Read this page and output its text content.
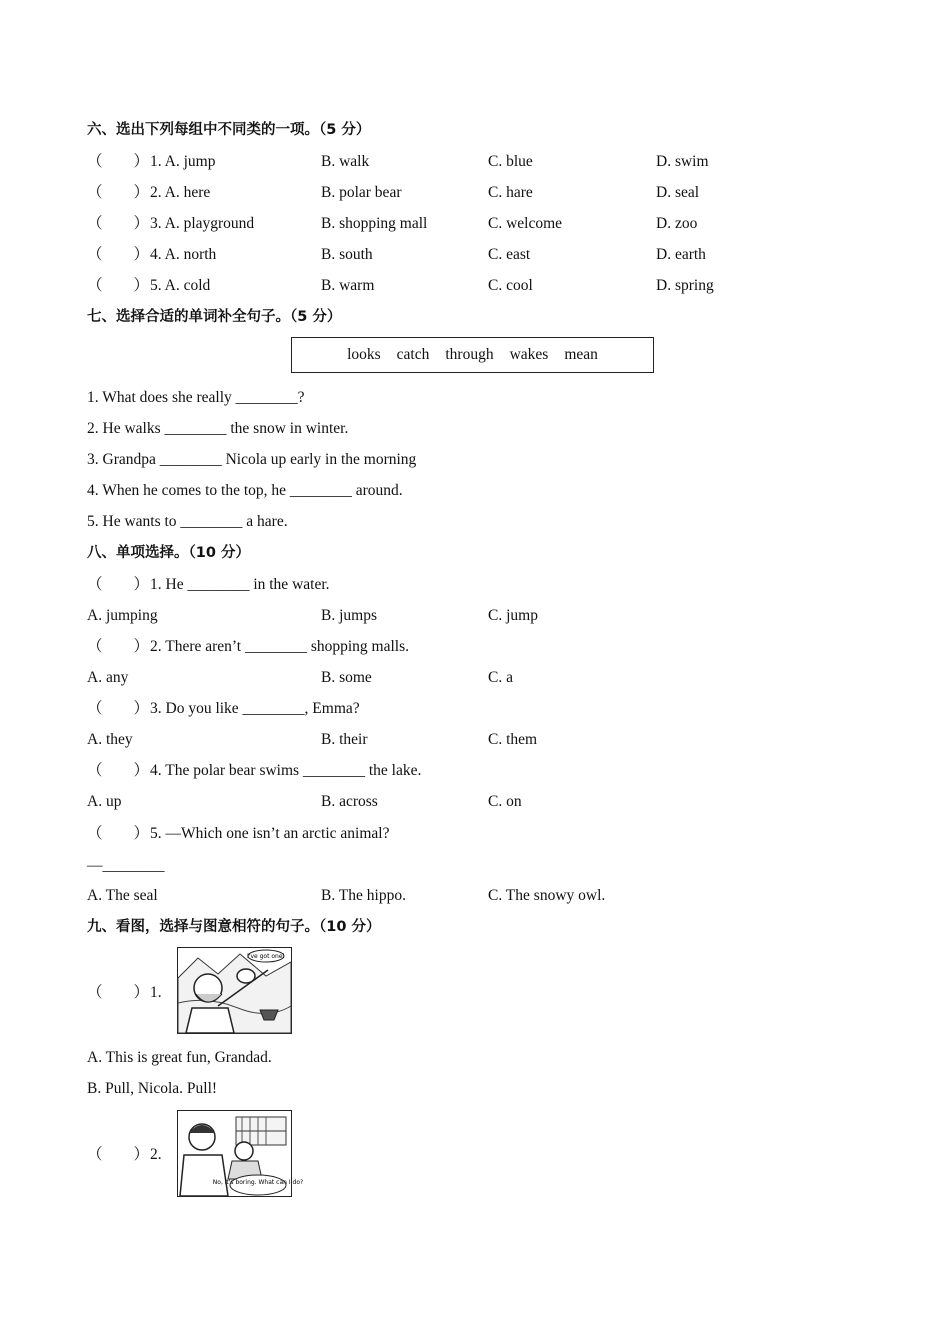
六、选出下列每组中不同类的一项。（5 分）

（　　）1. A. jump

	B. walk

	C. blue

	D. swim

（　　）2. A. here

	B. polar bear

	C. hare

	D. seal

（　　）3. A. playground

	B. shopping mall

	C. welcome

	D. zoo

（　　）4. A. north

	B. south

	C. east

	D. earth

（　　）5. A. cold

	B. warm

	C. cool

	D. spring

七、选择合适的单词补全句子。（5 分）
looks catch through wakes mean
1. What does she really ________?
2. He walks ________ the snow in winter.
3. Grandpa ________ Nicola up early in the morning
4. When he comes to the top, he ________ around.
5. He wants to ________ a hare.
八、单项选择。（10 分）
（　　）1. He ________ in the water.

A. jumping

	B. jumps

	C. jump

（　　）2. There aren’t ________ shopping malls.

A. any

	B. some

	C. a

（　　）3. Do you like ________, Emma?

A. they

	B. their

	C. them

（　　）4. The polar bear swims ________ the lake.

A. up

	B. across

	C. on

（　　）5. —Which one isn’t an arctic animal?
—________

A. The seal

	B. The hippo.

	C. The snowy owl.

九、看图，选择与图意相符的句子。（10 分）
（　　）1.
I've got one!
A. This is great fun, Grandad.
B. Pull, Nicola. Pull!
（　　）2.
No, it's boring. What can I do?
